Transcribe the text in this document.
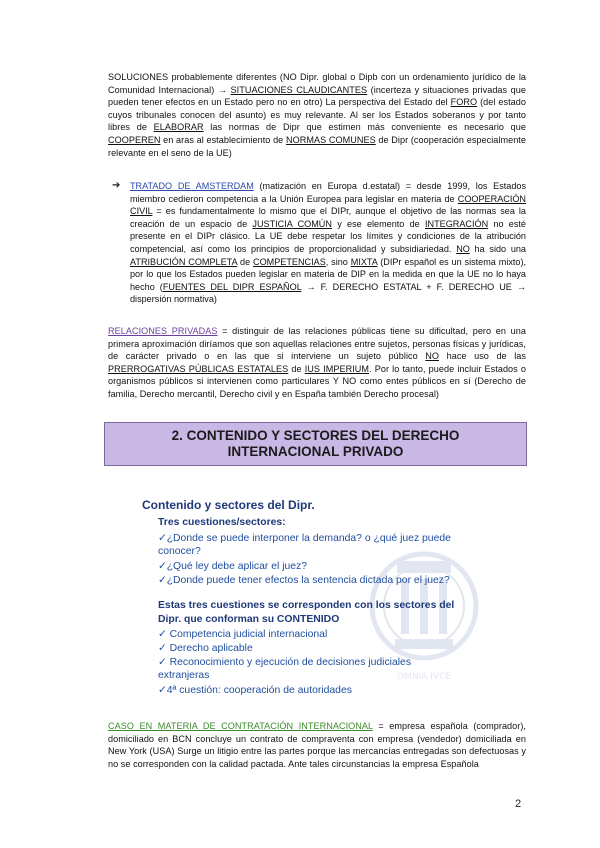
SOLUCIONES probablemente diferentes (NO Dipr. global o Dipb con un ordenamiento jurídico de la Comunidad Internacional) → SITUACIONES CLAUDICANTES (incerteza y situaciones privadas que pueden tener efectos en un Estado pero no en otro) La perspectiva del Estado del FORO (del estado cuyos tribunales conocen del asunto) es muy relevante. Al ser los Estados soberanos y por tanto libres de ELABORAR las normas de Dipr que estimen más conveniente es necesario que COOPEREN en aras al establecimiento de NORMAS COMUNES de Dipr (cooperación especialmente relevante en el seno de la UE)
➔ TRATADO DE AMSTERDAM (matización en Europa d.estatal) = desde 1999, los Estados miembro cedieron competencia a la Unión Europea para legislar en materia de COOPERACIÓN CIVIL = es fundamentalmente lo mismo que el DIPr, aunque el objetivo de las normas sea la creación de un espacio de JUSTICIA COMÚN y ese elemento de INTEGRACIÓN no esté presente en el DIPr clásico. La UE debe respetar los límites y condiciones de la atribución competencial, así como los principios de proporcionalidad y subsidiariedad. NO ha sido una ATRIBUCIÓN COMPLETA de COMPETENCIAS, sino MIXTA (DIPr español es un sistema mixto), por lo que los Estados pueden legislar en materia de DIP en la medida en que la UE no lo haya hecho (FUENTES DEL DIPR ESPAÑOL → F. DERECHO ESTATAL + F. DERECHO UE → dispersión normativa)
RELACIONES PRIVADAS = distinguir de las relaciones públicas tiene su dificultad, pero en una primera aproximación diríamos que son aquellas relaciones entre sujetos, personas físicas y jurídicas, de carácter privado o en las que si interviene un sujeto público NO hace uso de las PRERROGATIVAS PÚBLICAS ESTATALES de IUS IMPERIUM. Por lo tanto, puede incluir Estados o organismos públicos si intervienen como particulares Y NO como entes públicos en sí (Derecho de familia, Derecho mercantil, Derecho civil y en España también Derecho procesal)
2. CONTENIDO Y SECTORES DEL DERECHO
INTERNACIONAL PRIVADO
OMNIA IVCE
Contenido y sectores del Dipr.
Tres cuestiones/sectores:
✓¿Donde se puede interponer la demanda? o ¿qué juez puede
conocer?
✓¿Qué ley debe aplicar el juez?
✓¿Donde puede tener efectos la sentencia dictada por el juez?
Estas tres cuestiones se corresponden con los sectores del
Dipr. que conforman su CONTENIDO
✓ Competencia judicial internacional
✓ Derecho aplicable
✓ Reconocimiento y ejecución de decisiones judiciales
extranjeras
✓4ª cuestión: cooperación de autoridades
CASO EN MATERIA DE CONTRATACIÓN INTERNACIONAL = empresa española (comprador), domiciliado en BCN concluye un contrato de compraventa con empresa (vendedor) domiciliada en New York (USA) Surge un litigio entre las partes porque las mercancías entregadas son defectuosas y no se corresponden con la calidad pactada. Ante tales circunstancias la empresa Española
2
